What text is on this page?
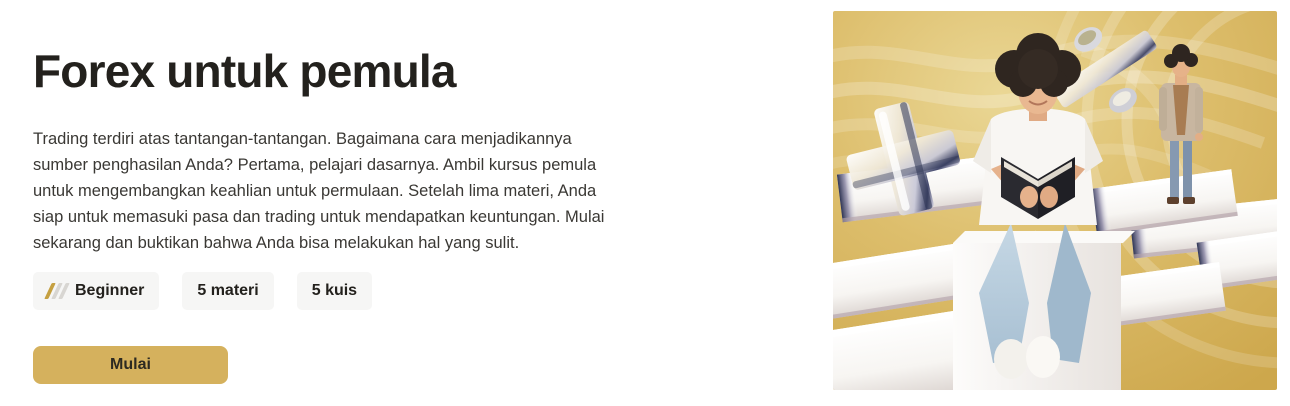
Forex untuk pemula
Trading terdiri atas tantangan-tantangan. Bagaimana cara menjadikannya
sumber penghasilan Anda? Pertama, pelajari dasarnya. Ambil kursus pemula
untuk mengembangkan keahlian untuk permulaan. Setelah lima materi, Anda
siap untuk memasuki pasa dan trading untuk mendapatkan keuntungan. Mulai
sekarang dan buktikan bahwa Anda bisa melakukan hal yang sulit.
Beginner	5 materi	5 kuis
Mulai
